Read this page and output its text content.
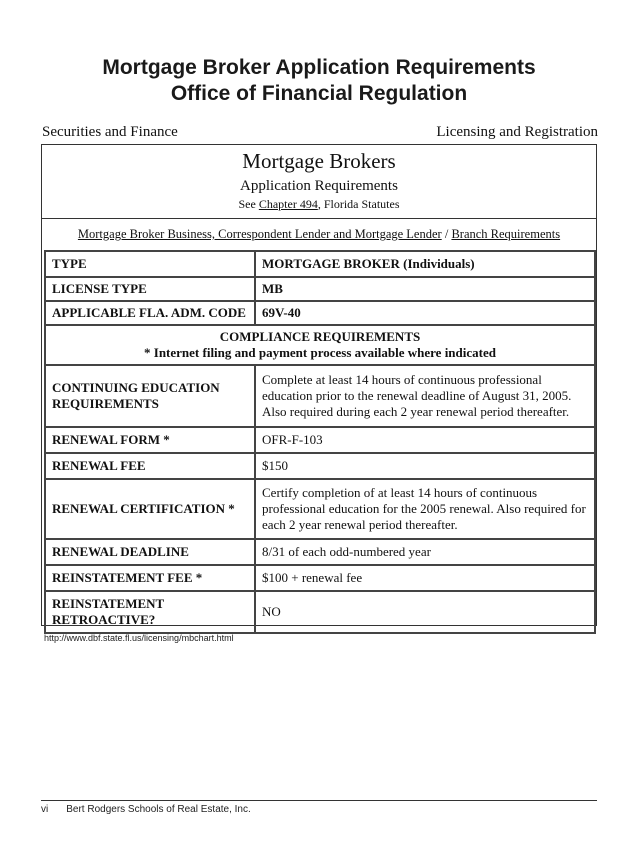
Mortgage Broker Application Requirements
Office of Financial Regulation
Securities and Finance	Licensing and Registration
Mortgage Brokers
Application Requirements
See Chapter 494, Florida Statutes
Mortgage Broker Business, Correspondent Lender and Mortgage Lender / Branch Requirements
TYPE	MORTGAGE BROKER (Individuals)
LICENSE TYPE	MB
APPLICABLE FLA. ADM. CODE	69V-40

COMPLIANCE REQUIREMENTS
* Internet filing and payment process available where indicated	

CONTINUING EDUCATION REQUIREMENTS	Complete at least 14 hours of continuous professional education prior to the renewal deadline of August 31, 2005. Also required during each 2 year renewal period thereafter.
RENEWAL FORM *	OFR-F-103
RENEWAL FEE	$150
RENEWAL CERTIFICATION *	Certify completion of at least 14 hours of continuous professional education for the 2005 renewal. Also required for each 2 year renewal period thereafter.
RENEWAL DEADLINE	8/31 of each odd-numbered year
REINSTATEMENT FEE *	$100 + renewal fee
REINSTATEMENT RETROACTIVE?	NO
http://www.dbf.state.fl.us/licensing/mbchart.html
vi Bert Rodgers Schools of Real Estate, Inc.
